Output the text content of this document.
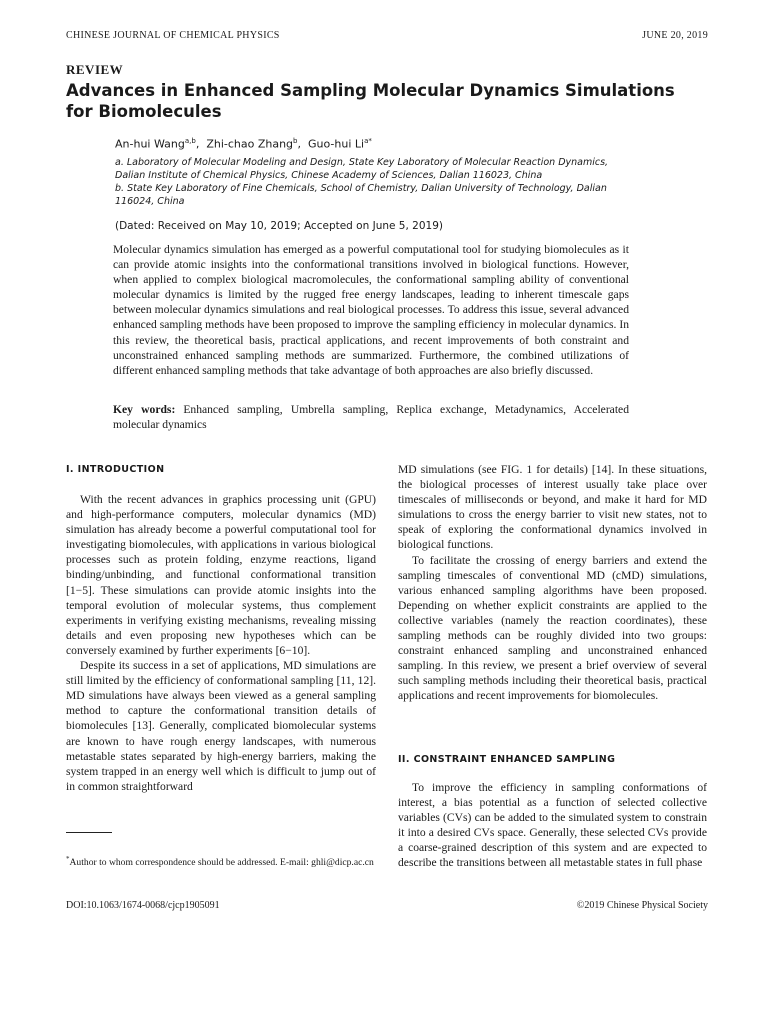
CHINESE JOURNAL OF CHEMICAL PHYSICS	JUNE 20, 2019
REVIEW
Advances in Enhanced Sampling Molecular Dynamics Simulations for Biomolecules
An-hui Wang$^{a,b}$,  Zhi-chao Zhang$^b$,  Guo-hui $Li^{a*}$
a. Laboratory of Molecular Modeling and Design, State Key Laboratory of Molecular Reaction Dynamics, Dalian Institute of Chemical Physics, Chinese Academy of Sciences, Dalian 116023, China
b. State Key Laboratory of Fine Chemicals, School of Chemistry, Dalian University of Technology, Dalian 116024, China
(Dated: Received on May 10, 2019; Accepted on June 5, 2019)
Molecular dynamics simulation has emerged as a powerful computational tool for studying biomolecules as it can provide atomic insights into the conformational transitions involved in biological functions. However, when applied to complex biological macromolecules, the conformational sampling ability of conventional molecular dynamics is limited by the rugged free energy landscapes, leading to inherent timescale gaps between molecular dynamics simulations and real biological processes. To address this issue, several advanced enhanced sampling methods have been proposed to improve the sampling efficiency in molecular dynamics. In this review, the theoretical basis, practical applications, and recent improvements of both constraint and unconstrained enhanced sampling methods are summarized. Furthermore, the combined utilizations of different enhanced sampling methods that take advantage of both approaches are also briefly discussed.
Key words: Enhanced sampling, Umbrella sampling, Replica exchange, Metadynamics, Accelerated molecular dynamics
I. INTRODUCTION

With the recent advances in graphics processing unit (GPU) and high-performance computers, molecular dynamics (MD) simulation has already become a powerful computational tool for investigating biomolecules, with applications in various biological processes such as protein folding, enzyme reactions, ligand binding/unbinding, and functional conformational transition [1−5]. These simulations can provide atomic insights into the temporal evolution of molecular systems, thus complement experiments in verifying existing mechanisms, revealing missing details and even proposing new hypotheses which can be conversely examined by further experiments [6−10].

Despite its success in a set of applications, MD simulations are still limited by the efficiency of conformational sampling [11, 12]. MD simulations have always been viewed as a general sampling method to capture the conformational transition details of biomolecules [13]. Generally, complicated biomolecular systems are known to have rough energy landscapes, with numerous metastable states separated by high-energy barriers, making the system trapped in an energy well which is difficult to jump out of in common straightforward

MD simulations (see FIG. 1 for details) [14]. In these situations, the biological processes of interest usually take place over timescales of milliseconds or beyond, and make it hard for MD simulations to cross the energy barrier to visit new states, not to speak of exploring the conformational dynamics involved in biological functions.

To facilitate the crossing of energy barriers and extend the sampling timescales of conventional MD (cMD) simulations, various enhanced sampling algorithms have been proposed. Depending on whether explicit constraints are applied to the collective variables (namely the reaction coordinates), these sampling methods can be roughly divided into two groups: constraint enhanced sampling and unconstrained enhanced sampling. In this review, we present a brief overview of several such sampling methods including their theoretical basis, practical applications and recent improvements for biomolecules.

II. CONSTRAINT ENHANCED SAMPLING

To improve the efficiency in sampling conformations of interest, a bias potential as a function of selected collective variables (CVs) can be added to the simulated system to constrain it into a desired CVs space. Generally, these selected CVs provide a coarse-grained description of this system and are expected to describe the transitions between all metastable states in full phase

*Author to whom correspondence should be addressed. E-mail: ghli@dicp.ac.cn
DOI:10.1063/1674-0068/cjcp1905091	©2019 Chinese Physical Society
